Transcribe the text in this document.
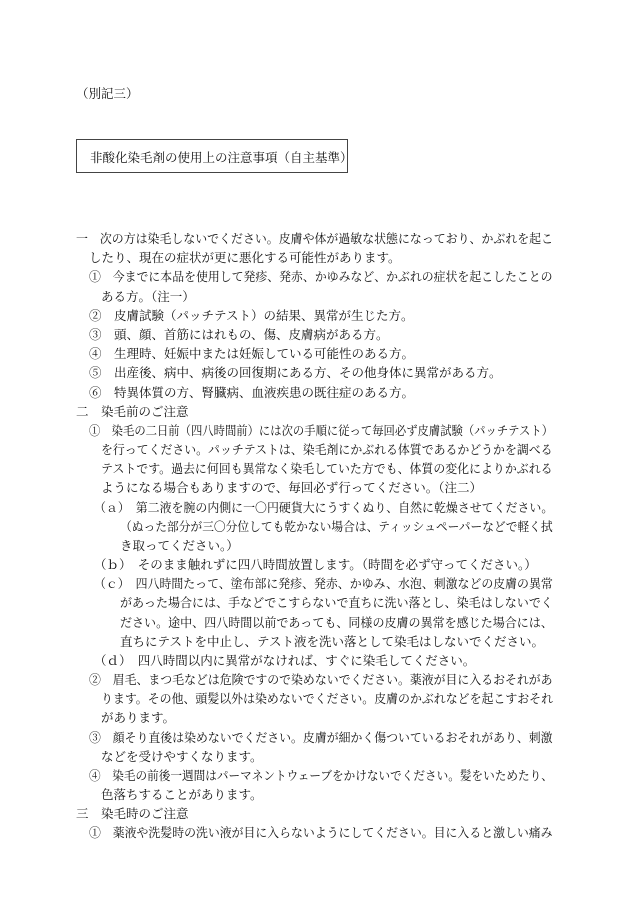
（別記三）
非酸化染毛剤の使用上の注意事項（自主基準）
一　次の方は染毛しないでください。皮膚や体が過敏な状態になっており、かぶれを起こ
したり、現在の症状が更に悪化する可能性があります。
①　今までに本品を使用して発疹、発赤、かゆみなど、かぶれの症状を起こしたことの
ある方。（注一）
②　皮膚試験（パッチテスト）の結果、異常が生じた方。
③　頭、顔、首筋にはれもの、傷、皮膚病がある方。
④　生理時、妊娠中または妊娠している可能性のある方。
⑤　出産後、病中、病後の回復期にある方、その他身体に異常がある方。
⑥　特異体質の方、腎臓病、血液疾患の既往症のある方。
二　染毛前のご注意
①　染毛の二日前（四八時間前）には次の手順に従って毎回必ず皮膚試験（パッチテスト）
を行ってください。パッチテストは、染毛剤にかぶれる体質であるかどうかを調べる
テストです。過去に何回も異常なく染毛していた方でも、体質の変化によりかぶれる
ようになる場合もありますので、毎回必ず行ってください。（注二）
（ａ）　第二液を腕の内側に一〇円硬貨大にうすくぬり、自然に乾燥させてください。
（ぬった部分が三〇分位しても乾かない場合は、ティッシュペーパーなどで軽く拭
き取ってください。）
（ｂ）　そのまま触れずに四八時間放置します。（時間を必ず守ってください。）
（ｃ）　四八時間たって、塗布部に発疹、発赤、かゆみ、水泡、刺激などの皮膚の異常
があった場合には、手などでこすらないで直ちに洗い落とし、染毛はしないでく
ださい。途中、四八時間以前であっても、同様の皮膚の異常を感じた場合には、
直ちにテストを中止し、テスト液を洗い落として染毛はしないでください。
（ｄ）　四八時間以内に異常がなければ、すぐに染毛してください。
②　眉毛、まつ毛などは危険ですので染めないでください。薬液が目に入るおそれがあ
ります。その他、頭髪以外は染めないでください。皮膚のかぶれなどを起こすおそれ
があります。
③　顔そり直後は染めないでください。皮膚が細かく傷ついているおそれがあり、刺激
などを受けやすくなります。
④　染毛の前後一週間はパーマネントウェーブをかけないでください。髪をいためたり、
色落ちすることがあります。
三　染毛時のご注意
①　薬液や洗髪時の洗い液が目に入らないようにしてください。目に入ると激しい痛み
